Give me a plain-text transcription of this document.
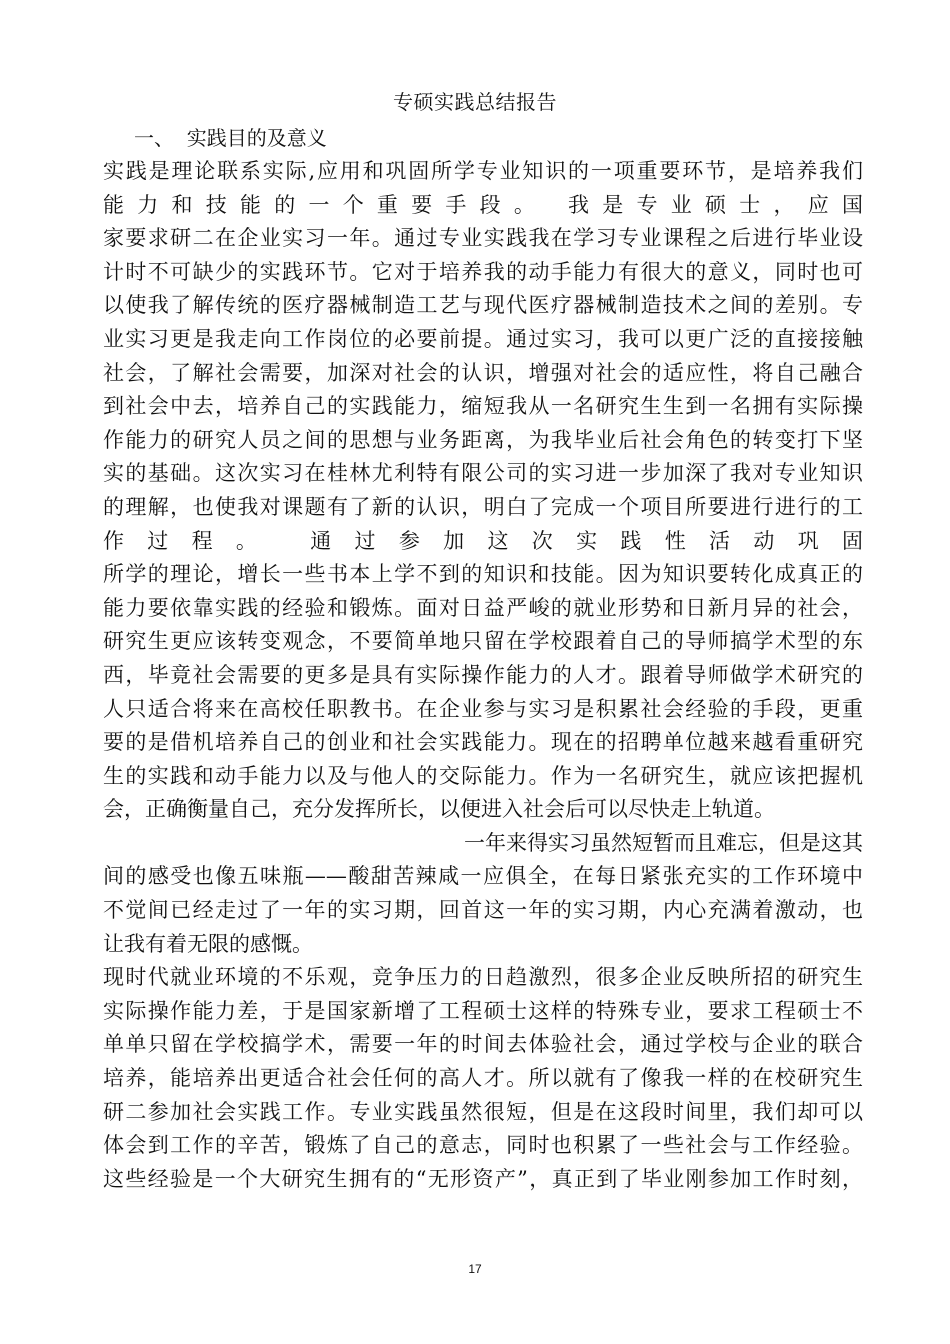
专硕实践总结报告
一、  实践目的及意义
实践是理论联系实际,应用和巩固所学专业知识的一项重要环节，是培养我们
能力和技能的一个重要手段。 我是专业硕士，应国
家要求研二在企业实习一年。通过专业实践我在学习专业课程之后进行毕业设
计时不可缺少的实践环节。它对于培养我的动手能力有很大的意义，同时也可
以使我了解传统的医疗器械制造工艺与现代医疗器械制造技术之间的差别。专
业实习更是我走向工作岗位的必要前提。通过实习，我可以更广泛的直接接触
社会，了解社会需要，加深对社会的认识，增强对社会的适应性，将自己融合
到社会中去，培养自己的实践能力，缩短我从一名研究生生到一名拥有实际操
作能力的研究人员之间的思想与业务距离，为我毕业后社会角色的转变打下坚
实的基础。这次实习在桂林尤利特有限公司的实习进一步加深了我对专业知识
的理解，也使我对课题有了新的认识，明白了完成一个项目所要进行进行的工
作过程。 通过参加这次实践性活动巩固
所学的理论，增长一些书本上学不到的知识和技能。因为知识要转化成真正的
能力要依靠实践的经验和锻炼。面对日益严峻的就业形势和日新月异的社会，
研究生更应该转变观念，不要简单地只留在学校跟着自己的导师搞学术型的东
西，毕竟社会需要的更多是具有实际操作能力的人才。跟着导师做学术研究的
人只适合将来在高校任职教书。在企业参与实习是积累社会经验的手段，更重
要的是借机培养自己的创业和社会实践能力。现在的招聘单位越来越看重研究
生的实践和动手能力以及与他人的交际能力。作为一名研究生，就应该把握机
会，正确衡量自己，充分发挥所长，以便进入社会后可以尽快走上轨道。
一年来得实习虽然短暂而且难忘，但是这其
间的感受也像五味瓶——酸甜苦辣咸一应俱全，在每日紧张充实的工作环境中
不觉间已经走过了一年的实习期，回首这一年的实习期，内心充满着激动，也
让我有着无限的感慨。
现时代就业环境的不乐观，竞争压力的日趋激烈，很多企业反映所招的研究生
实际操作能力差，于是国家新增了工程硕士这样的特殊专业，要求工程硕士不
单单只留在学校搞学术，需要一年的时间去体验社会，通过学校与企业的联合
培养，能培养出更适合社会任何的高人才。所以就有了像我一样的在校研究生
研二参加社会实践工作。专业实践虽然很短，但是在这段时间里，我们却可以
体会到工作的辛苦，锻炼了自己的意志，同时也积累了一些社会与工作经验。
这些经验是一个大研究生拥有的“无形资产”，真正到了毕业刚参加工作时刻，
17
